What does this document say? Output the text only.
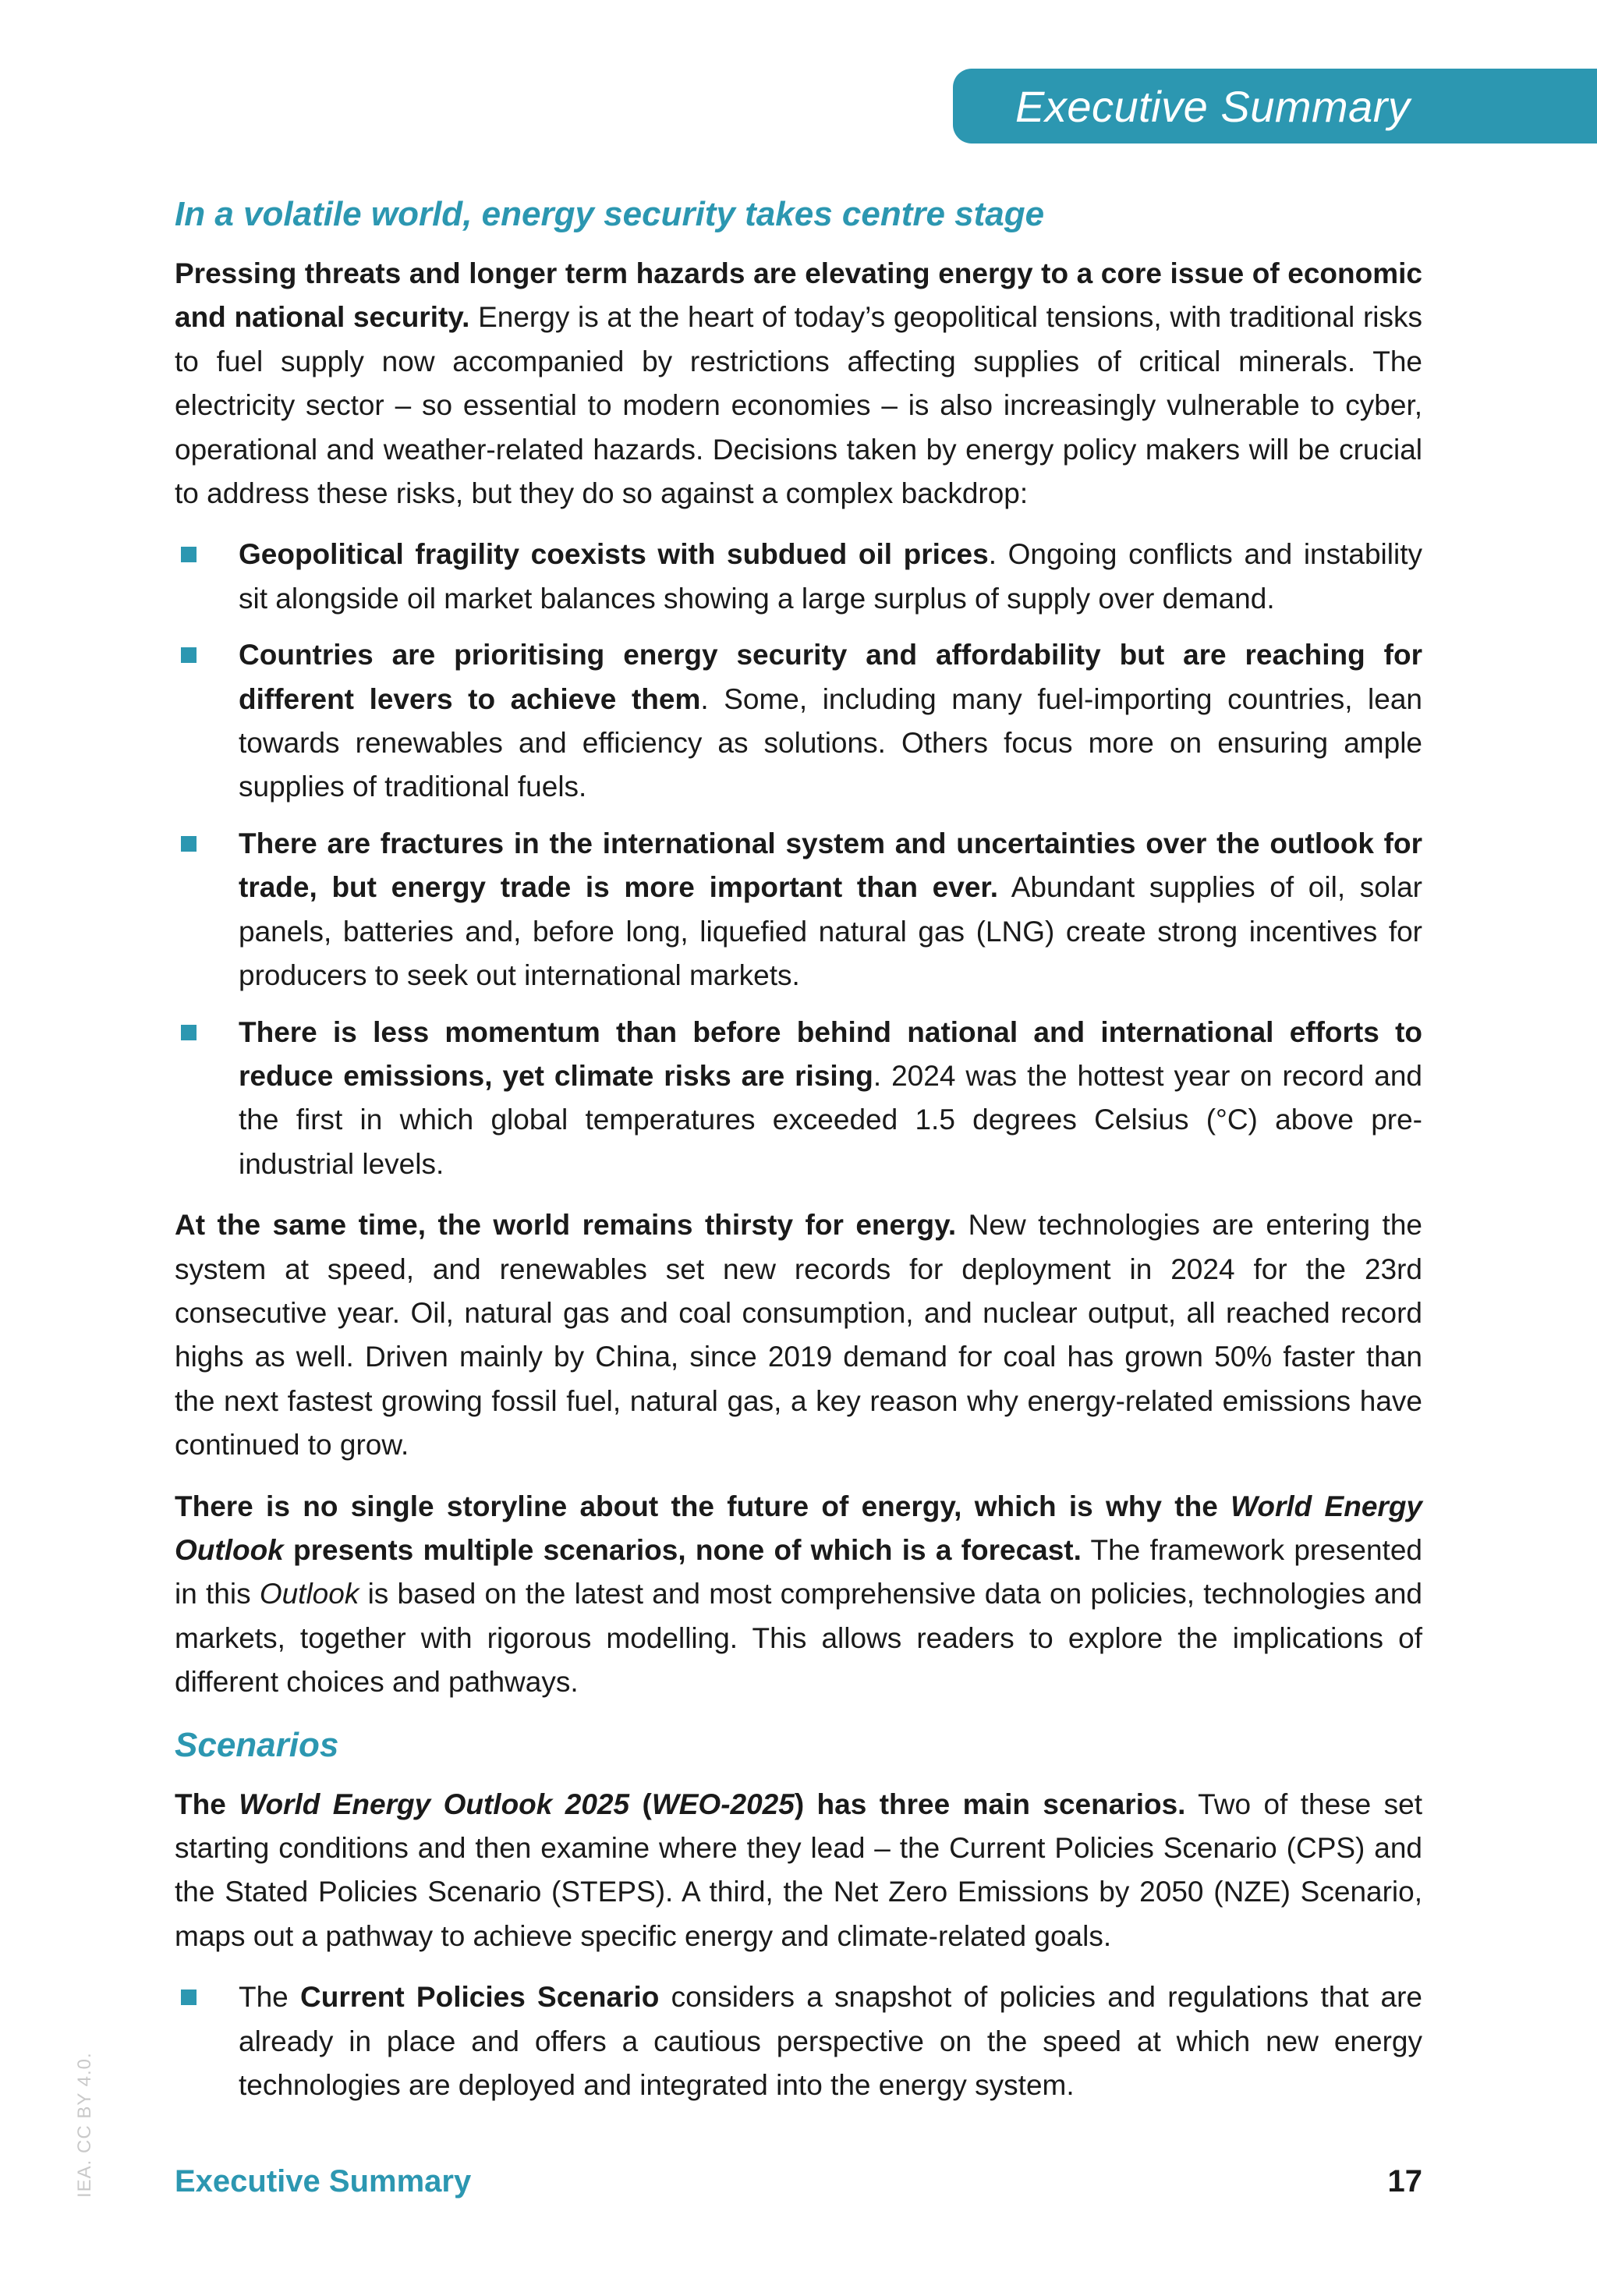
Executive Summary
In a volatile world, energy security takes centre stage

Pressing threats and longer term hazards are elevating energy to a core issue of economic and national security. Energy is at the heart of today’s geopolitical tensions, with traditional risks to fuel supply now accompanied by restrictions affecting supplies of critical minerals. The electricity sector – so essential to modern economies – is also increasingly vulnerable to cyber, operational and weather-related hazards. Decisions taken by energy policy makers will be crucial to address these risks, but they do so against a complex backdrop:

Geopolitical fragility coexists with subdued oil prices. Ongoing conflicts and instability sit alongside oil market balances showing a large surplus of supply over demand.
Countries are prioritising energy security and affordability but are reaching for different levers to achieve them. Some, including many fuel-importing countries, lean towards renewables and efficiency as solutions. Others focus more on ensuring ample supplies of traditional fuels.
There are fractures in the international system and uncertainties over the outlook for trade, but energy trade is more important than ever. Abundant supplies of oil, solar panels, batteries and, before long, liquefied natural gas (LNG) create strong incentives for producers to seek out international markets.
There is less momentum than before behind national and international efforts to reduce emissions, yet climate risks are rising. 2024 was the hottest year on record and the first in which global temperatures exceeded 1.5 degrees Celsius (°C) above pre-industrial levels.

At the same time, the world remains thirsty for energy. New technologies are entering the system at speed, and renewables set new records for deployment in 2024 for the 23rd consecutive year. Oil, natural gas and coal consumption, and nuclear output, all reached record highs as well. Driven mainly by China, since 2019 demand for coal has grown 50% faster than the next fastest growing fossil fuel, natural gas, a key reason why energy-related emissions have continued to grow.

There is no single storyline about the future of energy, which is why the World Energy Outlook presents multiple scenarios, none of which is a forecast. The framework presented in this Outlook is based on the latest and most comprehensive data on policies, technologies and markets, together with rigorous modelling. This allows readers to explore the implications of different choices and pathways.

Scenarios

The World Energy Outlook 2025 (WEO-2025) has three main scenarios. Two of these set starting conditions and then examine where they lead – the Current Policies Scenario (CPS) and the Stated Policies Scenario (STEPS). A third, the Net Zero Emissions by 2050 (NZE) Scenario, maps out a pathway to achieve specific energy and climate-related goals.

The Current Policies Scenario considers a snapshot of policies and regulations that are already in place and offers a cautious perspective on the speed at which new energy technologies are deployed and integrated into the energy system.
IEA. CC BY 4.0.	Executive Summary	17
